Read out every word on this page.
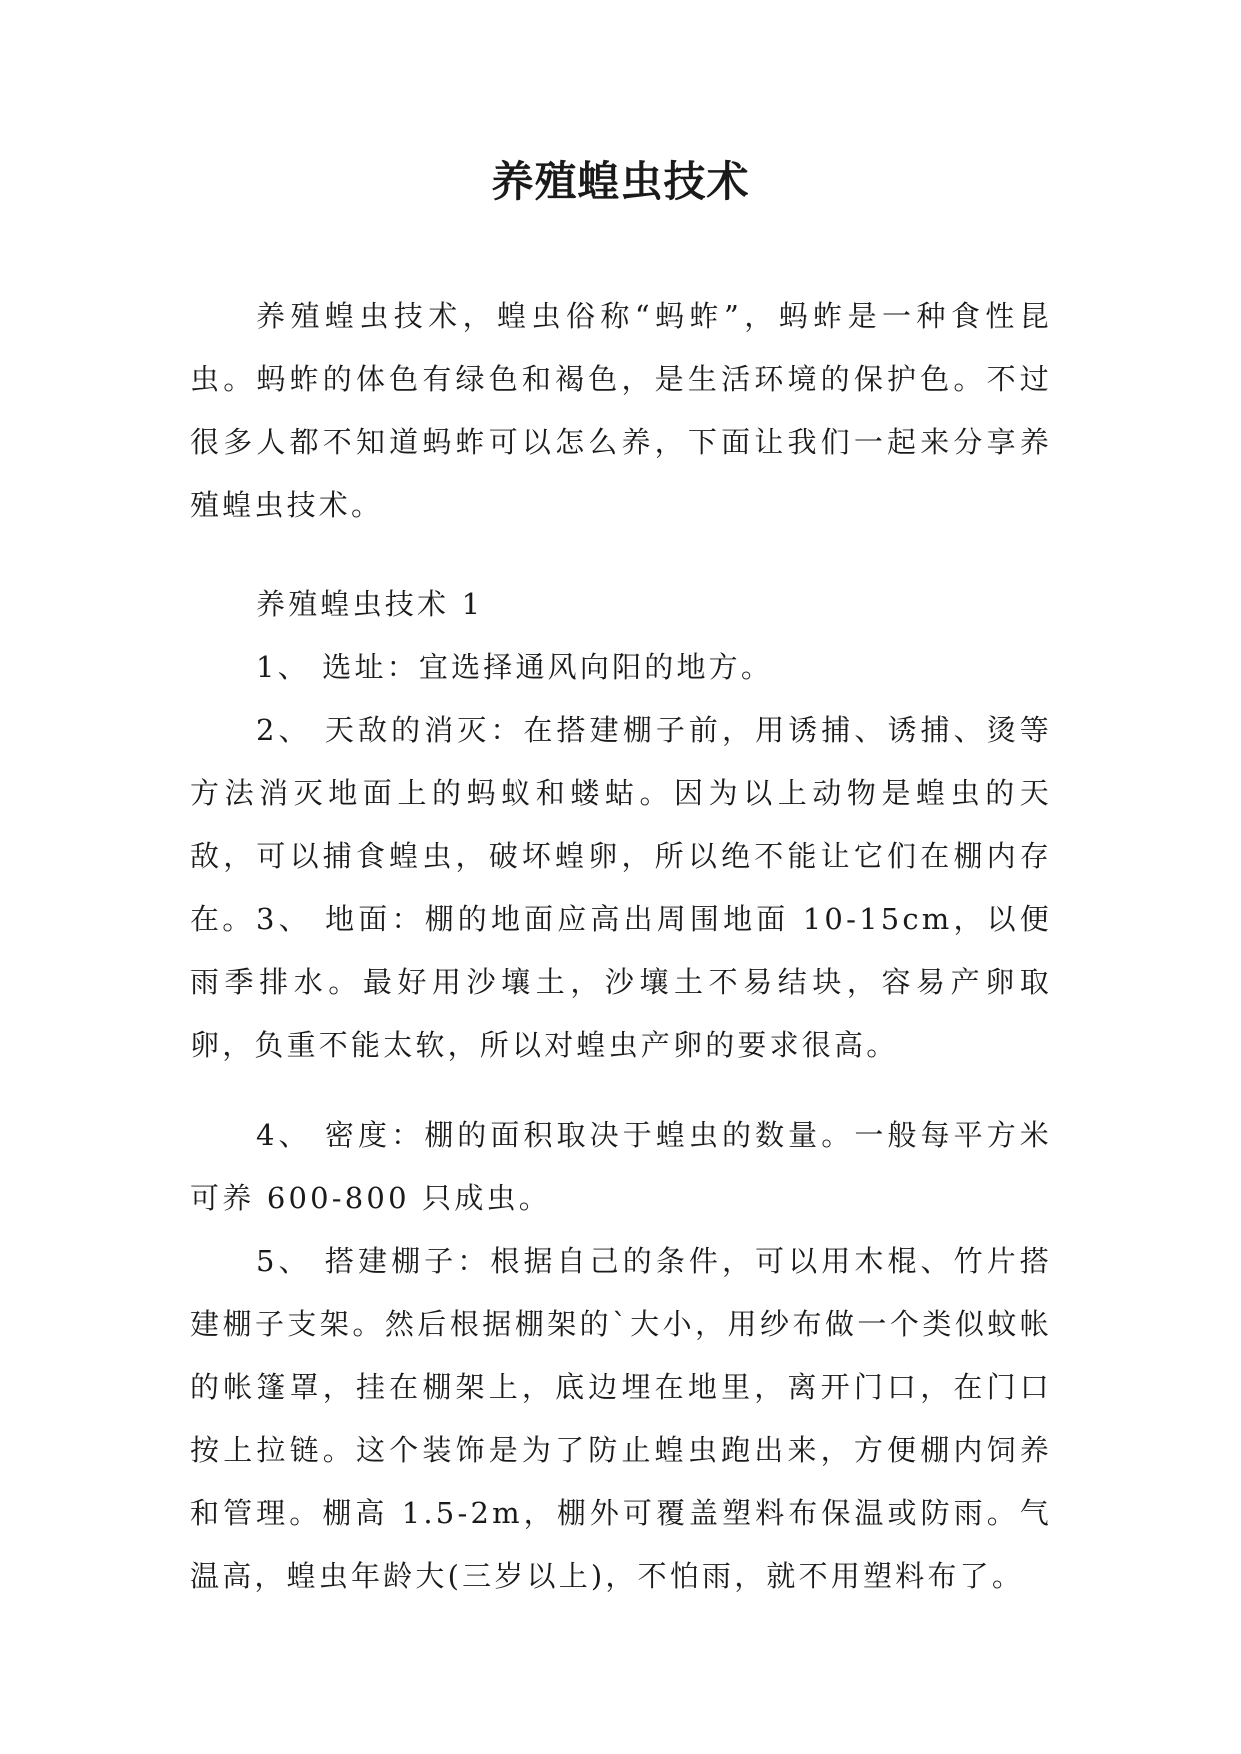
养殖蝗虫技术

养殖蝗虫技术，蝗虫俗称“蚂蚱”，蚂蚱是一种食性昆虫。蚂蚱的体色有绿色和褐色，是生活环境的保护色。不过很多人都不知道蚂蚱可以怎么养，下面让我们一起来分享养殖蝗虫技术。

养殖蝗虫技术 1

1、 选址：宜选择通风向阳的地方。

2、 天敌的消灭：在搭建棚子前，用诱捕、诱捕、烫等方法消灭地面上的蚂蚁和蝼蛄。因为以上动物是蝗虫的天敌，可以捕食蝗虫，破坏蝗卵，所以绝不能让它们在棚内存在。 3、 地面：棚的地面应高出周围地面 10-15cm，以便雨季排水。最好用沙壤土，沙壤土不易结块，容易产卵取卵，负重不能太软，所以对蝗虫产卵的要求很高。

4、 密度：棚的面积取决于蝗虫的数量。一般每平方米可养 600-800 只成虫。

5、 搭建棚子：根据自己的条件，可以用木棍、竹片搭建棚子支架。然后根据棚架的`大小，用纱布做一个类似蚊帐的帐篷罩，挂在棚架上，底边埋在地里，离开门口，在门口按上拉链。这个装饰是为了防止蝗虫跑出来，方便棚内饲养和管理。棚高 1.5-2m，棚外可覆盖塑料布保温或防雨。气温高，蝗虫年龄大(三岁以上)，不怕雨，就不用塑料布了。
